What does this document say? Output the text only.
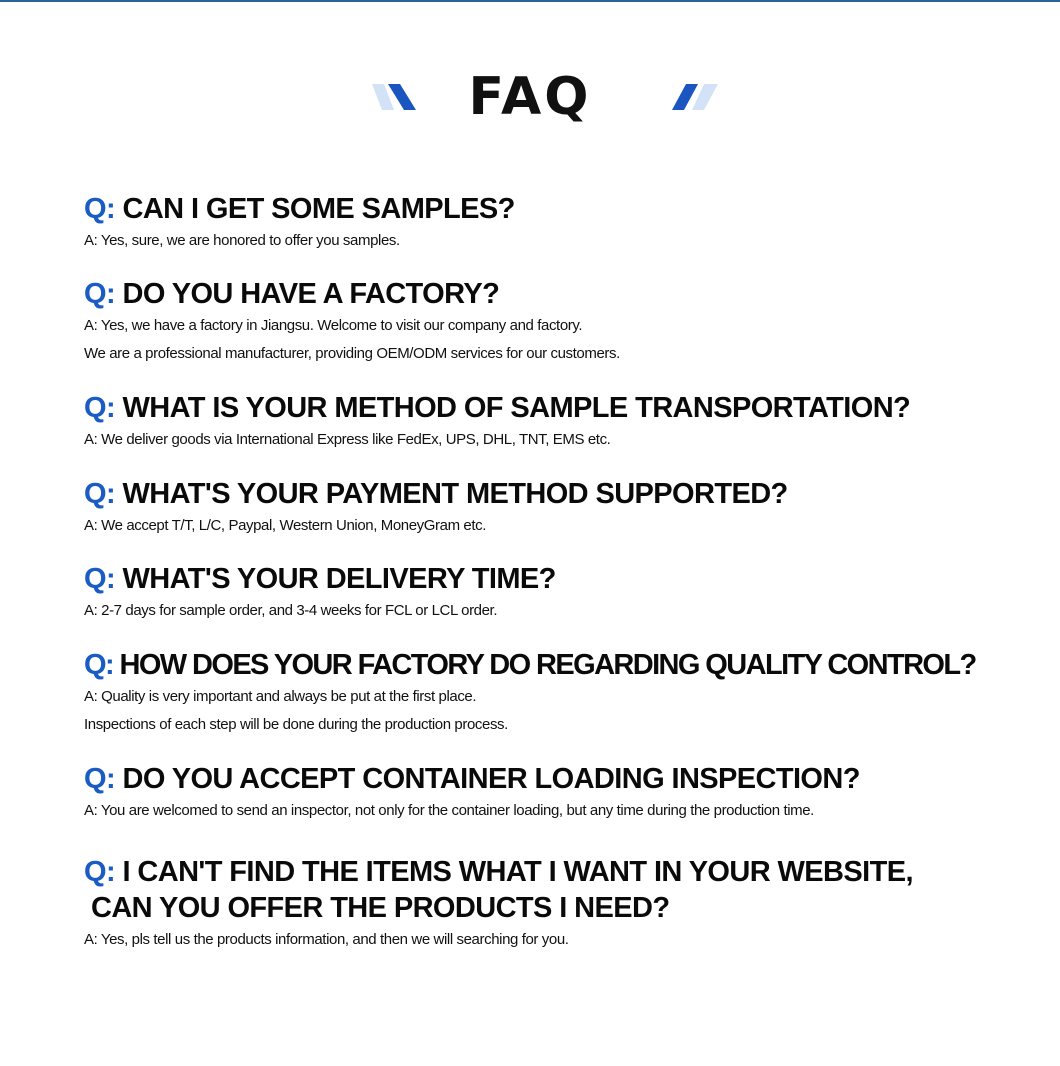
FAQ
Q: CAN I GET SOME SAMPLES?
A: Yes, sure, we are honored to offer you samples.
Q: DO YOU HAVE A FACTORY?
A: Yes, we have a factory in Jiangsu. Welcome to visit our company and factory.
We are a professional manufacturer, providing OEM/ODM services for our customers.
Q: WHAT IS YOUR METHOD OF SAMPLE TRANSPORTATION?
A: We deliver goods via International Express like FedEx, UPS, DHL, TNT, EMS etc.
Q: WHAT'S YOUR PAYMENT METHOD SUPPORTED?
A: We accept T/T, L/C, Paypal, Western Union, MoneyGram etc.
Q: WHAT'S YOUR DELIVERY TIME?
A: 2-7 days for sample order, and 3-4 weeks for FCL or LCL order.
Q: HOW DOES YOUR FACTORY DO REGARDING QUALITY CONTROL?
A: Quality is very important and always be put at the first place.
Inspections of each step will be done during the production process.
Q: DO YOU ACCEPT CONTAINER LOADING INSPECTION?
A: You are welcomed to send an inspector, not only for the container loading, but any time during the production time.
Q: I CAN'T FIND THE ITEMS WHAT I WANT IN YOUR WEBSITE,
CAN YOU OFFER THE PRODUCTS I NEED?
A: Yes, pls tell us the products information, and then we will searching for you.
